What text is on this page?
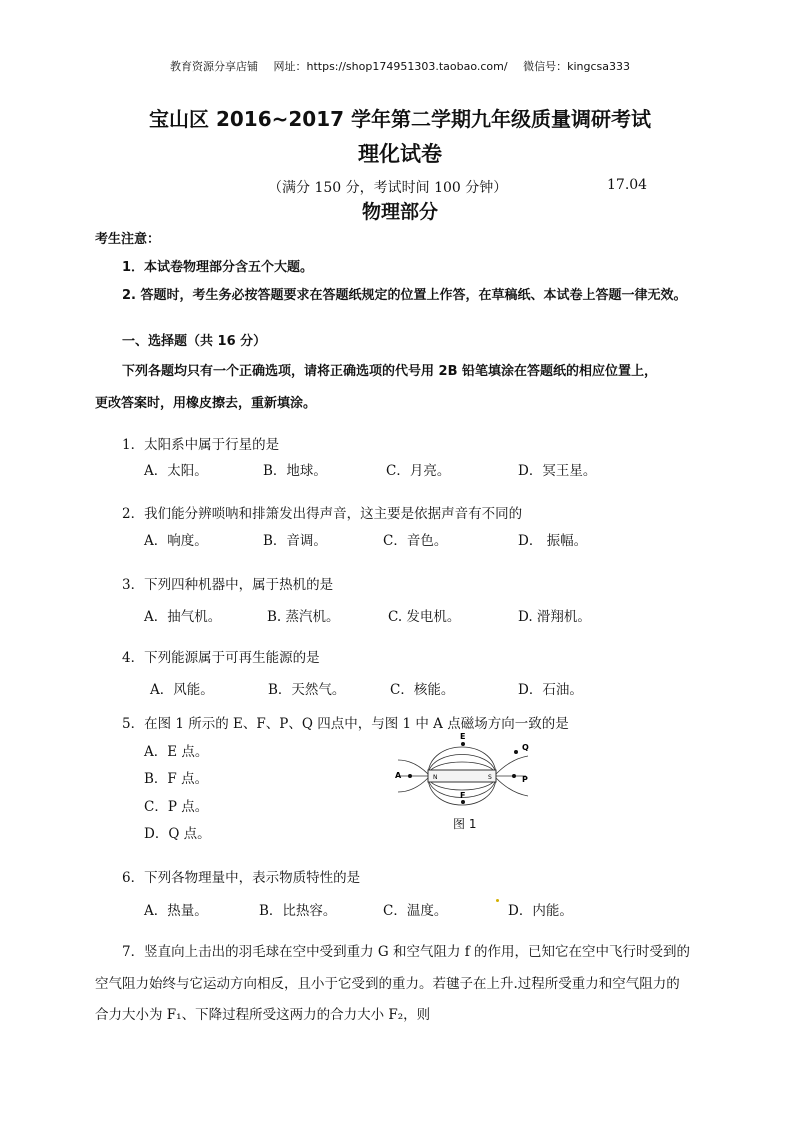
教育资源分享店铺 网址：https://shop174951303.taobao.com/ 微信号：kingcsa333
宝山区 2016~2017 学年第二学期九年级质量调研考试
理化试卷
（满分 150 分，考试时间 100 分钟）	17.04
物理部分
考生注意：
1．本试卷物理部分含五个大题。
2. 答题时，考生务必按答题要求在答题纸规定的位置上作答，在草稿纸、本试卷上答题一律无效。
一、选择题（共 16 分）
下列各题均只有一个正确选项，请将正确选项的代号用 2B 铅笔填涂在答题纸的相应位置上，
更改答案时，用橡皮擦去，重新填涂。
1．太阳系中属于行星的是
A．太阳。	B．地球。	C．月亮。	D．冥王星。
2．我们能分辨唢呐和排箫发出得声音，这主要是依据声音有不同的
A．响度。	B．音调。	C．音色。	D． 振幅。
3．下列四种机器中，属于热机的是
A．抽气机。	B. 蒸汽机。	C. 发电机。	D. 滑翔机。
4．下列能源属于可再生能源的是
A．风能。	B．天然气。	C．核能。	D．石油。
5．在图 1 所示的 E、F、P、Q 四点中，与图 1 中 A 点磁场方向一致的是
A．E 点。
B．F 点。
C．P 点。
D．Q 点。
N	S
E
F
Q
P
A
图 1
6．下列各物理量中，表示物质特性的是
A．热量。	B．比热容。	C．温度。	D．内能。
7．竖直向上击出的羽毛球在空中受到重力 G 和空气阻力 f 的作用，已知它在空中飞行时受到的
空气阻力始终与它运动方向相反，且小于它受到的重力。若毽子在上升.过程所受重力和空气阻力的
合力大小为 F₁、下降过程所受这两力的合力大小 F₂，则
